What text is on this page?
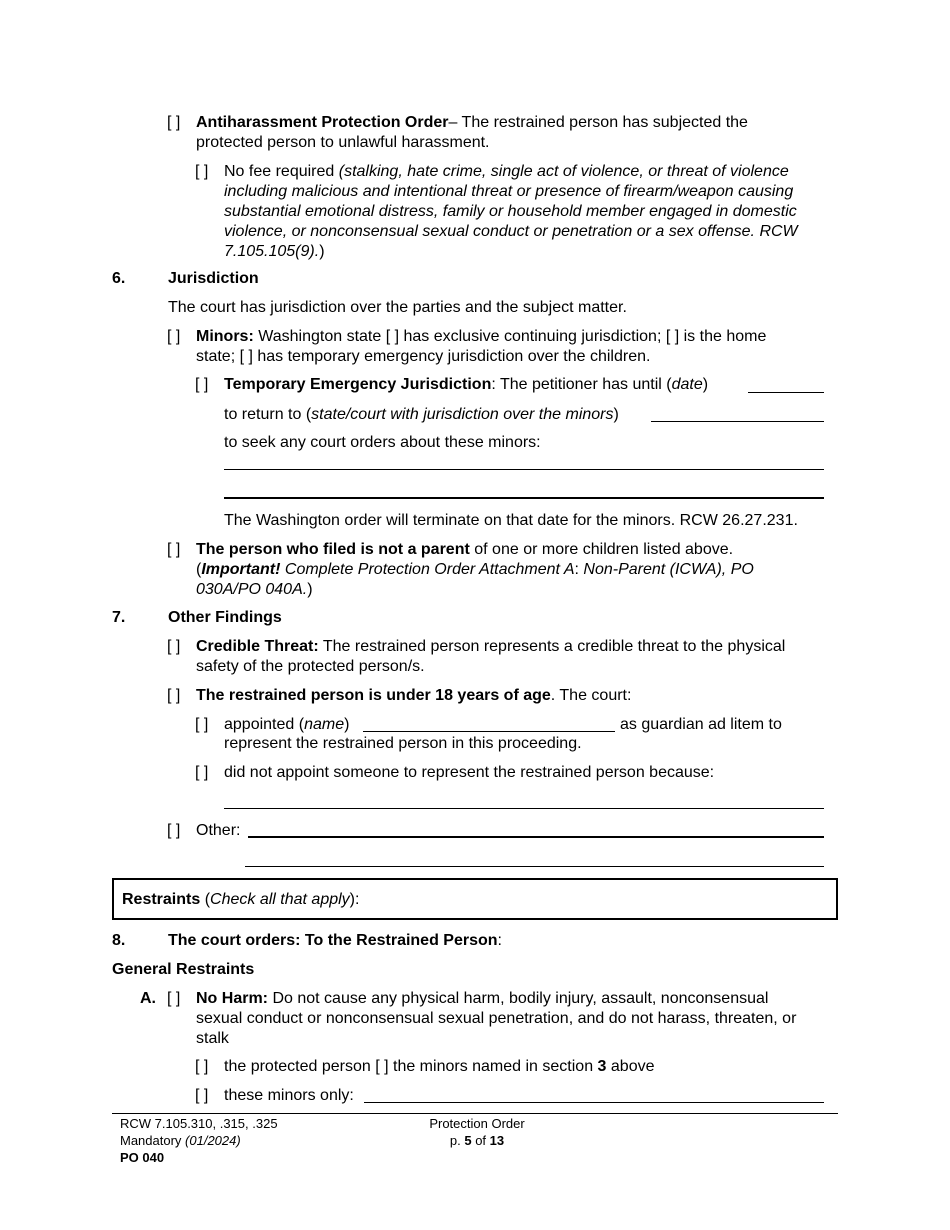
[ ] Antiharassment Protection Order– The restrained person has subjected the
protected person to unlawful harassment.
[ ] No fee required (stalking, hate crime, single act of violence, or threat of violence
including malicious and intentional threat or presence of firearm/weapon causing
substantial emotional distress, family or household member engaged in domestic
violence, or nonconsensual sexual conduct or penetration or a sex offense. RCW
7.105.105(9).)
6.	Jurisdiction
The court has jurisdiction over the parties and the subject matter.
[ ] Minors: Washington state [ ] has exclusive continuing jurisdiction; [ ] is the home
state; [ ] has temporary emergency jurisdiction over the children.
[ ] Temporary Emergency Jurisdiction: The petitioner has until (date)
to return to (state/court with jurisdiction over the minors)
to seek any court orders about these minors:
The Washington order will terminate on that date for the minors. RCW 26.27.231.
[ ] The person who filed is not a parent of one or more children listed above.
(Important! Complete Protection Order Attachment A: Non-Parent (ICWA), PO
030A/PO 040A.)
7.	Other Findings
[ ] Credible Threat: The restrained person represents a credible threat to the physical
safety of the protected person/s.
[ ] The restrained person is under 18 years of age. The court:
[ ] appointed (name)	as guardian ad litem to
represent the restrained person in this proceeding.
[ ] did not appoint someone to represent the restrained person because:
[ ] Other:
Restraints (Check all that apply):
8.	The court orders: To the Restrained Person:
General Restraints
A. [ ] No Harm: Do not cause any physical harm, bodily injury, assault, nonconsensual
sexual conduct or nonconsensual sexual penetration, and do not harass, threaten, or
stalk
[ ] the protected person [ ] the minors named in section 3 above
[ ] these minors only:
RCW 7.105.310, .315, .325
Mandatory (01/2024)
PO 040
Protection Order
p. 5 of 13
